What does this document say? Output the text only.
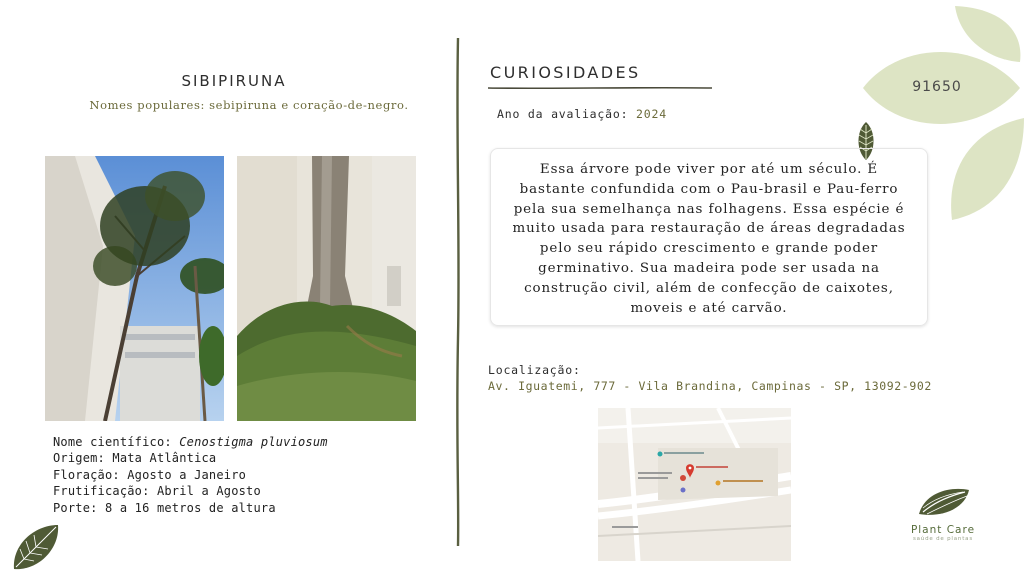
91650
SIBIPIRUNA
Nomes populares: sebipiruna e coração-de-negro.
Nome científico: Cenostigma pluviosum
Origem: Mata Atlântica
Floração: Agosto a Janeiro
Frutificação: Abril a Agosto
Porte: 8 a 16 metros de altura
CURIOSIDADES
Ano da avaliação: 2024
Essa árvore pode viver por até um século. É bastante confundida com o Pau-brasil e Pau-ferro pela sua semelhança nas folhagens. Essa espécie é muito usada para restauração de áreas degradadas pelo seu rápido crescimento e grande poder germinativo. Sua madeira pode ser usada na construção civil, além de confecção de caixotes, moveis e até carvão.
Localização:
Av. Iguatemi, 777 - Vila Brandina, Campinas - SP, 13092-902
Plant Care
saúde de plantas
